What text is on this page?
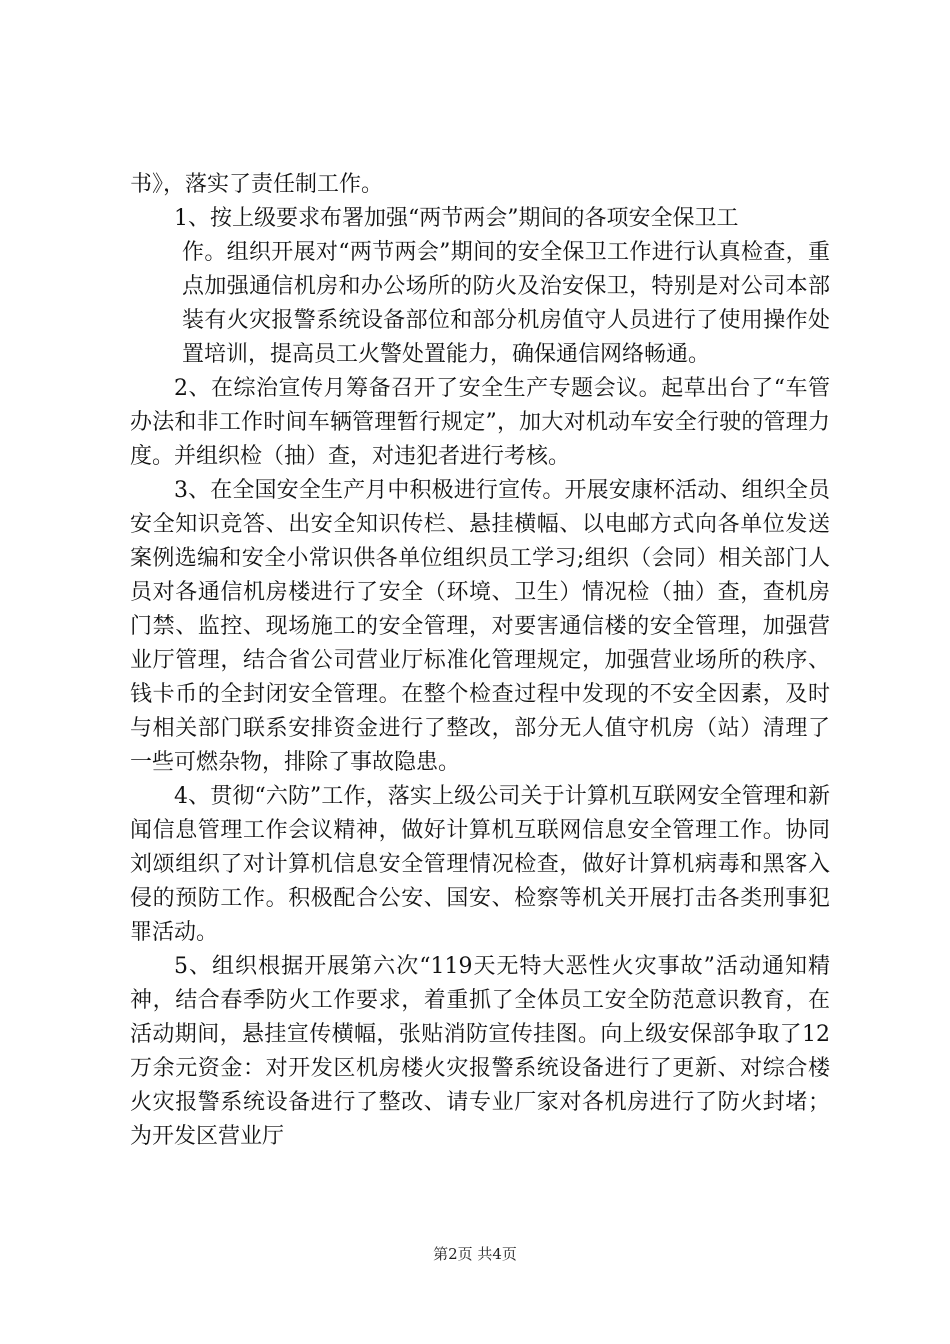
书》，落实了责任制工作。

1、按上级要求布署加强“两节两会”期间的各项安全保卫工

作。组织开展对“两节两会”期间的安全保卫工作进行认真检查，重点加强通信机房和办公场所的防火及治安保卫，特别是对公司本部装有火灾报警系统设备部位和部分机房值守人员进行了使用操作处置培训，提高员工火警处置能力，确保通信网络畅通。

2、在综治宣传月筹备召开了安全生产专题会议。起草出台了“车管办法和非工作时间车辆管理暂行规定”，加大对机动车安全行驶的管理力度。并组织检（抽）查，对违犯者进行考核。

3、在全国安全生产月中积极进行宣传。开展安康杯活动、组织全员安全知识竞答、出安全知识传栏、悬挂横幅、以电邮方式向各单位发送案例选编和安全小常识供各单位组织员工学习;组织（会同）相关部门人员对各通信机房楼进行了安全（环境、卫生）情况检（抽）查，查机房门禁、监控、现场施工的安全管理，对要害通信楼的安全管理，加强营业厅管理，结合省公司营业厅标准化管理规定，加强营业场所的秩序、钱卡币的全封闭安全管理。在整个检查过程中发现的不安全因素，及时与相关部门联系安排资金进行了整改，部分无人值守机房（站）清理了一些可燃杂物，排除了事故隐患。

4、贯彻“六防”工作，落实上级公司关于计算机互联网安全管理和新闻信息管理工作会议精神，做好计算机互联网信息安全管理工作。协同刘颂组织了对计算机信息安全管理情况检查，做好计算机病毒和黑客入侵的预防工作。积极配合公安、国安、检察等机关开展打击各类刑事犯罪活动。

5、组织根据开展第六次“119天无特大恶性火灾事故”活动通知精神，结合春季防火工作要求，着重抓了全体员工安全防范意识教育，在活动期间，悬挂宣传横幅，张贴消防宣传挂图。向上级安保部争取了12万余元资金：对开发区机房楼火灾报警系统设备进行了更新、对综合楼火灾报警系统设备进行了整改、请专业厂家对各机房进行了防火封堵；为开发区营业厅

第2页 共4页
